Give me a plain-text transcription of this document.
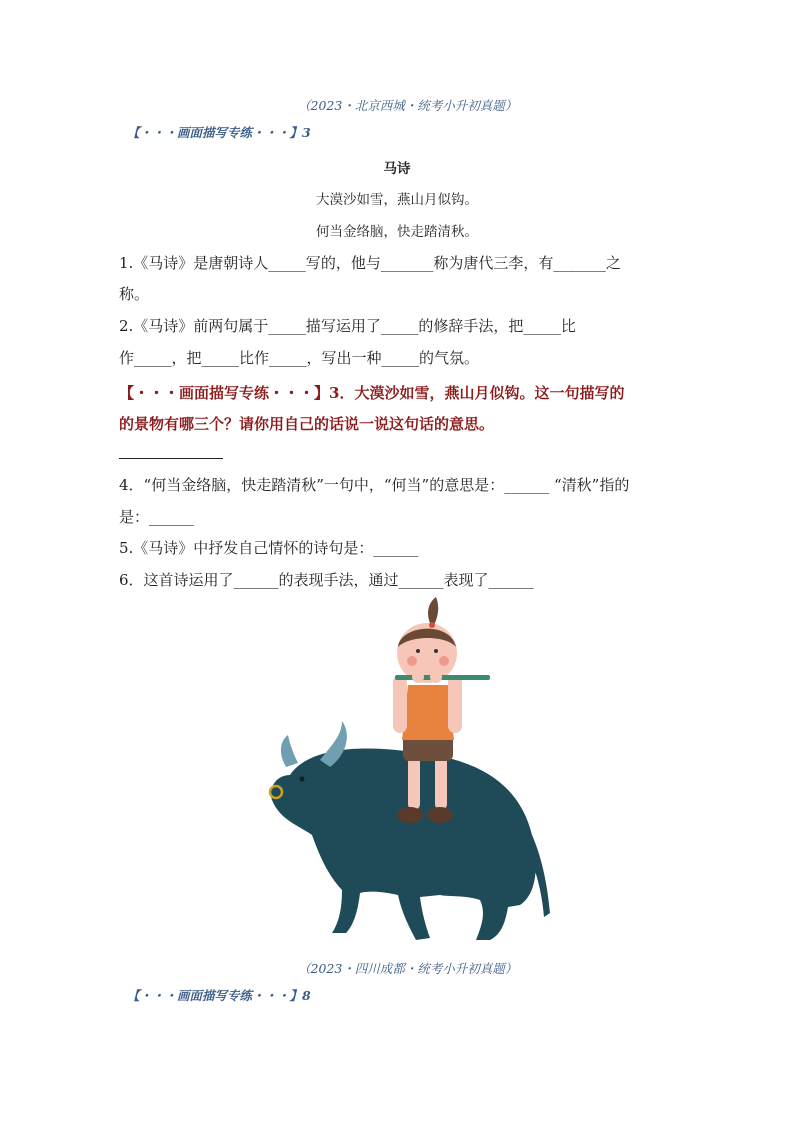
（2023・北京西城・统考小升初真题）
【・・・画面描写专练・・・】3
马诗
大漠沙如雪，燕山月似钩。
何当金络脑，快走踏清秋。
1.《马诗》是唐朝诗人_____写的，他与_______称为唐代三李，有_______之
称。
2.《马诗》前两句属于_____描写运用了_____的修辞手法，把_____比
作_____，把_____比作_____，写出一种_____的气氛。
【・・・画面描写专练・・・】3．大漠沙如雪，燕山月似钩。这一句描写的
的景物有哪三个？请你用自己的话说一说这句话的意思。
4．“何当金络脑，快走踏清秋”一句中，“何当”的意思是：______ “清秋”指的
是：______
5.《马诗》中抒发自己情怀的诗句是：______
6．这首诗运用了______的表现手法，通过______表现了______
（2023・四川成都・统考小升初真题）
【・・・画面描写专练・・・】8
